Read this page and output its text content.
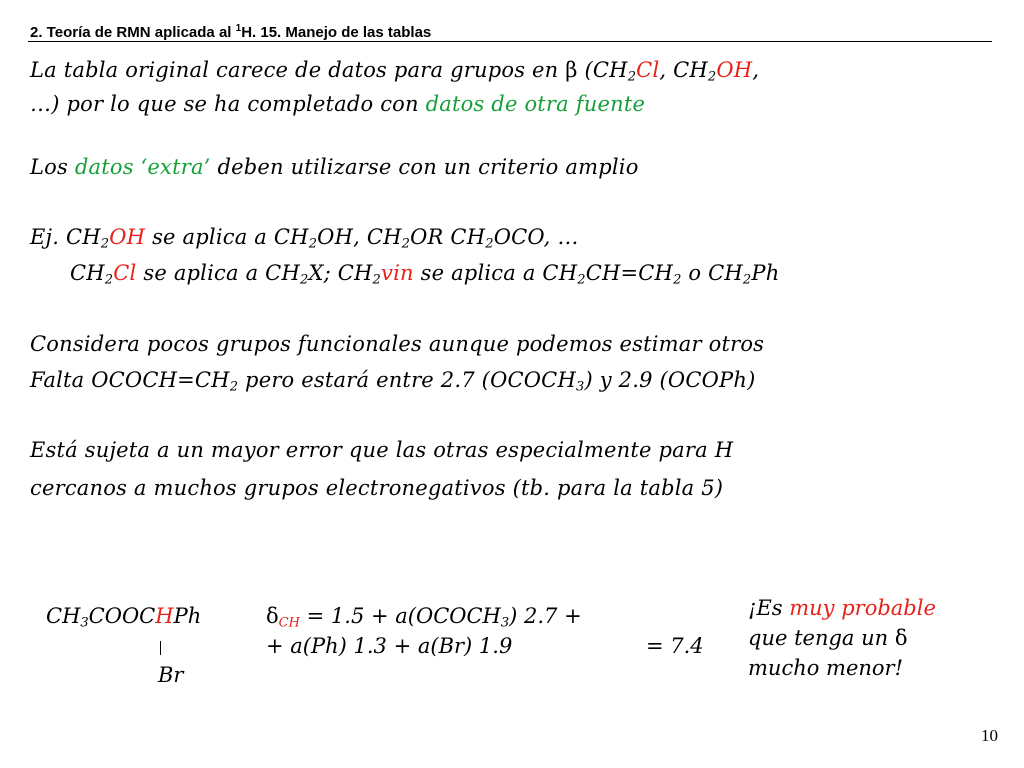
2. Teoría de RMN aplicada al $^1$H. 15. Manejo de las tablas
La tabla original carece de datos para grupos en β ($CH_2Cl$, $CH_2OH$,
…) por lo que se ha completado con datos de otra fuente
Los datos ‘extra’ deben utilizarse con un criterio amplio
Ej. $CH_2OH$ se aplica a $CH_2OH$, $CH_2OR$ $CH_2OCO$, …
$CH_2Cl$ se aplica a $CH_2X$; $CH_2vin$ se aplica a $CH_2CH=CH_2$ o $CH_2Ph$
Considera pocos grupos funcionales aunque podemos estimar otros
Falta $OCOCH=CH_2$ pero estará entre 2.7 $(OCOCH_3)$ y 2.9 (OCOPh)
Está sujeta a un mayor error que las otras especialmente para H
cercanos a muchos grupos electronegativos (tb. para la tabla 5)
$CH_3COOCHPh$
Br
$\delta_{CH} = 1.5$ + $a(OCOCH_3) 2.7$ +
+ a(Ph) 1.3 + a(Br) 1.9	= 7.4
¡Es muy probable
que tenga un δ
mucho menor!
10
